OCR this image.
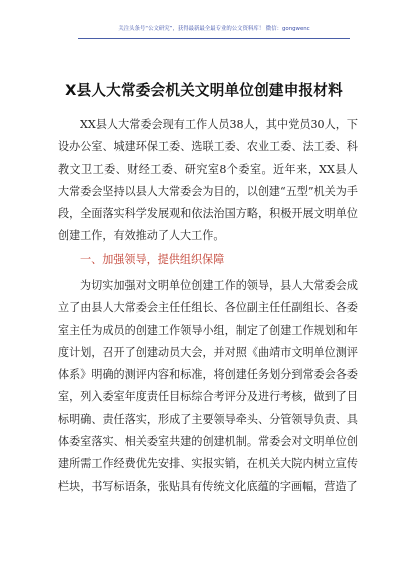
关注头条号“公文研究”，获得最新最全最专业的公文资料库！ 微信：gongwenc
X县人大常委会机关文明单位创建申报材料

XX县人大常委会现有工作人员38人，其中党员30人，下设办公室、城建环保工委、选联工委、农业工委、法工委、科教文卫工委、财经工委、研究室8个委室。近年来，XX县人大常委会坚持以县人大常委会为目的，以创建“五型”机关为手段，全面落实科学发展观和依法治国方略，积极开展文明单位创建工作，有效推动了人大工作。

一、加强领导，提供组织保障

为切实加强对文明单位创建工作的领导，县人大常委会成立了由县人大常委会主任任组长、各位副主任任副组长、各委室主任为成员的创建工作领导小组，制定了创建工作规划和年度计划，召开了创建动员大会，并对照《曲靖市文明单位测评体系》明确的测评内容和标准，将创建任务划分到常委会各委室，列入委室年度责任目标综合考评分及进行考核，做到了目标明确、责任落实，形成了主要领导牵头、分管领导负责、具体委室落实、相关委室共建的创建机制。常委会对文明单位创建所需工作经费优先安排、实报实销，在机关大院内树立宣传栏块，书写标语条，张贴具有传统文化底蕴的字画幅，营造了
